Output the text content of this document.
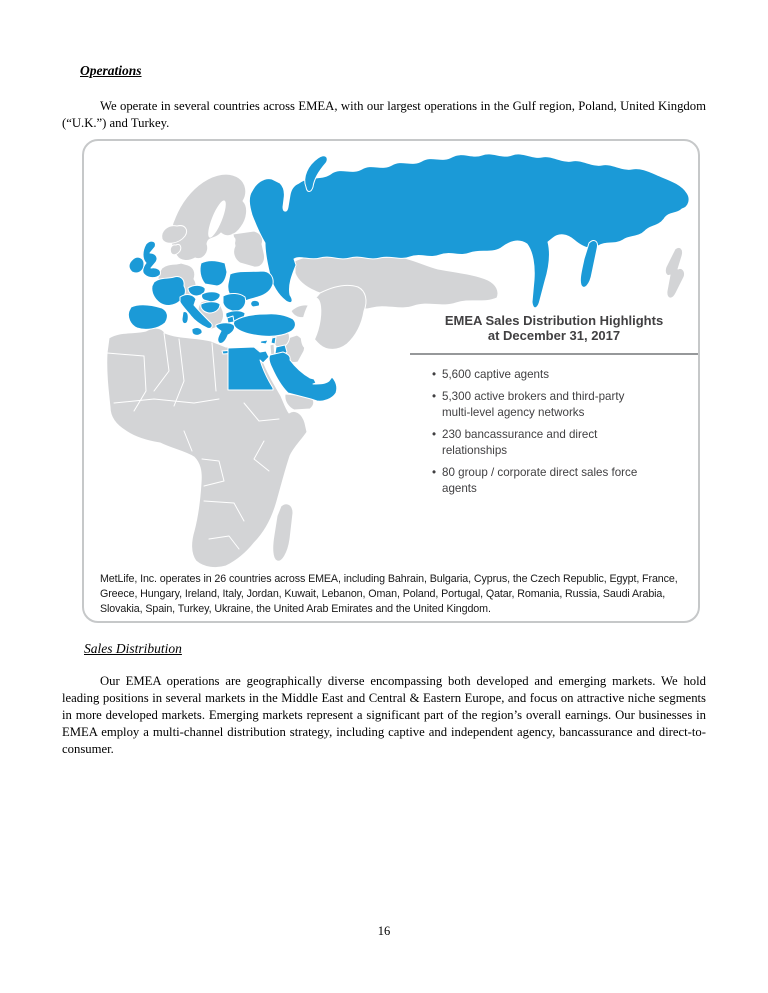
Operations

We operate in several countries across EMEA, with our largest operations in the Gulf region, Poland, United Kingdom (“U.K.”) and Turkey.

EMEA Sales Distribution Highlights
at December 31, 2017
• 5,600 captive agents
• 5,300 active brokers and third-party multi-level agency networks
• 230 bancassurance and direct relationships
• 80 group / corporate direct sales force agents
MetLife, Inc. operates in 26 countries across EMEA, including Bahrain, Bulgaria, Cyprus, the Czech Republic, Egypt, France, Greece, Hungary, Ireland, Italy, Jordan, Kuwait, Lebanon, Oman, Poland, Portugal, Qatar, Romania, Russia, Saudi Arabia, Slovakia, Spain, Turkey, Ukraine, the United Arab Emirates and the United Kingdom.
Sales Distribution

Our EMEA operations are geographically diverse encompassing both developed and emerging markets. We hold leading positions in several markets in the Middle East and Central & Eastern Europe, and focus on attractive niche segments in more developed markets. Emerging markets represent a significant part of the region’s overall earnings. Our businesses in EMEA employ a multi-channel distribution strategy, including captive and independent agency, bancassurance and direct-to-consumer.

16
